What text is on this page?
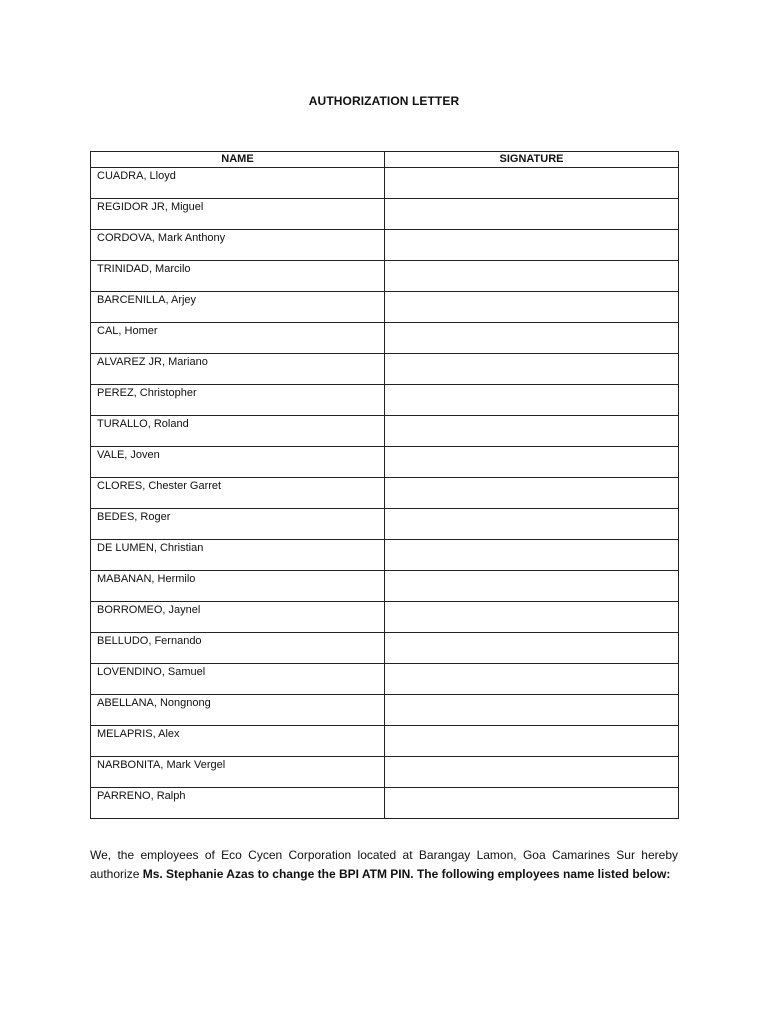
AUTHORIZATION LETTER
NAME	SIGNATURE
CUADRA, Lloyd	
REGIDOR JR, Miguel	
CORDOVA, Mark Anthony	
TRINIDAD, Marcilo	
BARCENILLA, Arjey	
CAL, Homer	
ALVAREZ JR, Mariano	
PEREZ, Christopher	
TURALLO, Roland	
VALE, Joven	
CLORES, Chester Garret	
BEDES, Roger	
DE LUMEN, Christian	
MABANAN, Hermilo	
BORROMEO, Jaynel	
BELLUDO, Fernando	
LOVENDINO, Samuel	
ABELLANA, Nongnong	
MELAPRIS, Alex	
NARBONITA, Mark Vergel	
PARRENO, Ralph	

We, the employees of Eco Cycen Corporation located at Barangay Lamon, Goa Camarines Sur hereby authorize Ms. Stephanie Azas to change the BPI ATM PIN. The following employees name listed below:
